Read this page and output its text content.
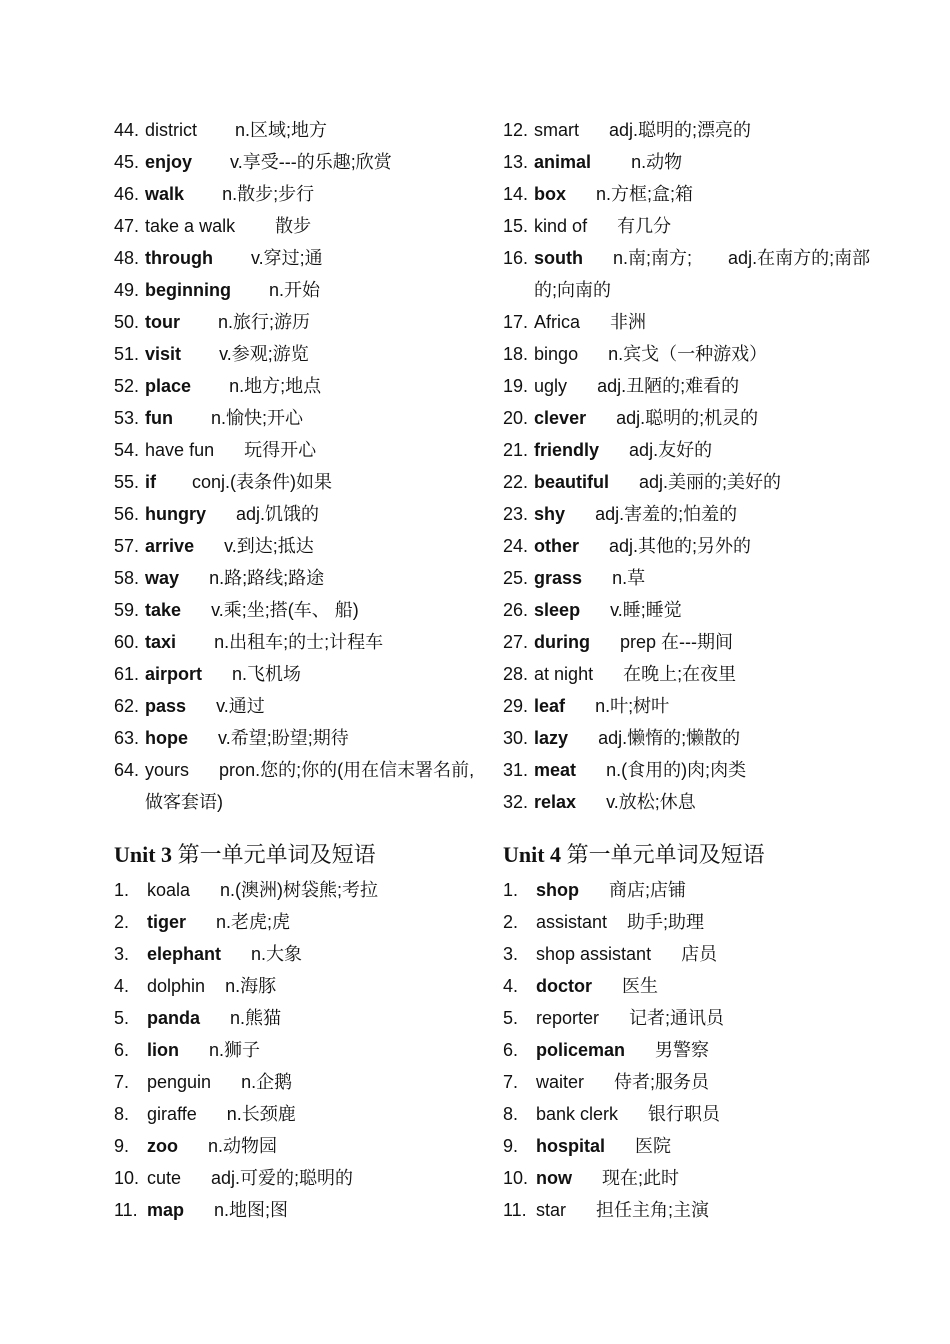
44. district n.区域;地方
45. enjoy v.享受---的乐趣;欣赏
46. walk n.散步;步行
47. take a walk 散步
48. through v.穿过;通
49. beginning n.开始
50. tour n.旅行;游历
51. visit v.参观;游览
52. place n.地方;地点
53. fun n.愉快;开心
54. have fun 玩得开心
55. if conj.(表条件)如果
56. hungry adj.饥饿的
57. arrive v.到达;抵达
58. way n.路;路线;路途
59. take v.乘;坐;搭(车、 船)
60. taxi n.出租车;的士;计程车
61. airport n.飞机场
62. pass v.通过
63. hope v.希望;盼望;期待
64. yours pron.您的;你的(用在信末署名前,做客套语)
Unit 3 第一单元单词及短语
1. koala n.(澳洲)树袋熊;考拉
2. tiger n.老虎;虎
3. elephant n.大象
4. dolphin n.海豚
5. panda n.熊猫
6. lion n.狮子
7. penguin n.企鹅
8. giraffe n.长颈鹿
9. zoo n.动物园
10. cute adj.可爱的;聪明的
11. map n.地图;图
12. smart adj.聪明的;漂亮的
13. animal n.动物
14. box n.方框;盒;箱
15. kind of 有几分
16. south n.南;南方;　　adj.在南方的;南部的;向南的
17. Africa 非洲
18. bingo n.宾戈（一种游戏）
19. ugly adj.丑陋的;难看的
20. clever adj.聪明的;机灵的
21. friendly adj.友好的
22. beautiful adj.美丽的;美好的
23. shy adj.害羞的;怕羞的
24. other adj.其他的;另外的
25. grass n.草
26. sleep v.睡;睡觉
27. during prep 在---期间
28. at night 在晚上;在夜里
29. leaf n.叶;树叶
30. lazy adj.懒惰的;懒散的
31. meat n.(食用的)肉;肉类
32. relax v.放松;休息
Unit 4 第一单元单词及短语
1. shop 商店;店铺
2. assistant 助手;助理
3. shop assistant 店员
4. doctor 医生
5. reporter 记者;通讯员
6. policeman 男警察
7. waiter 侍者;服务员
8. bank clerk 银行职员
9. hospital 医院
10. now 现在;此时
11. star 担任主角;主演
